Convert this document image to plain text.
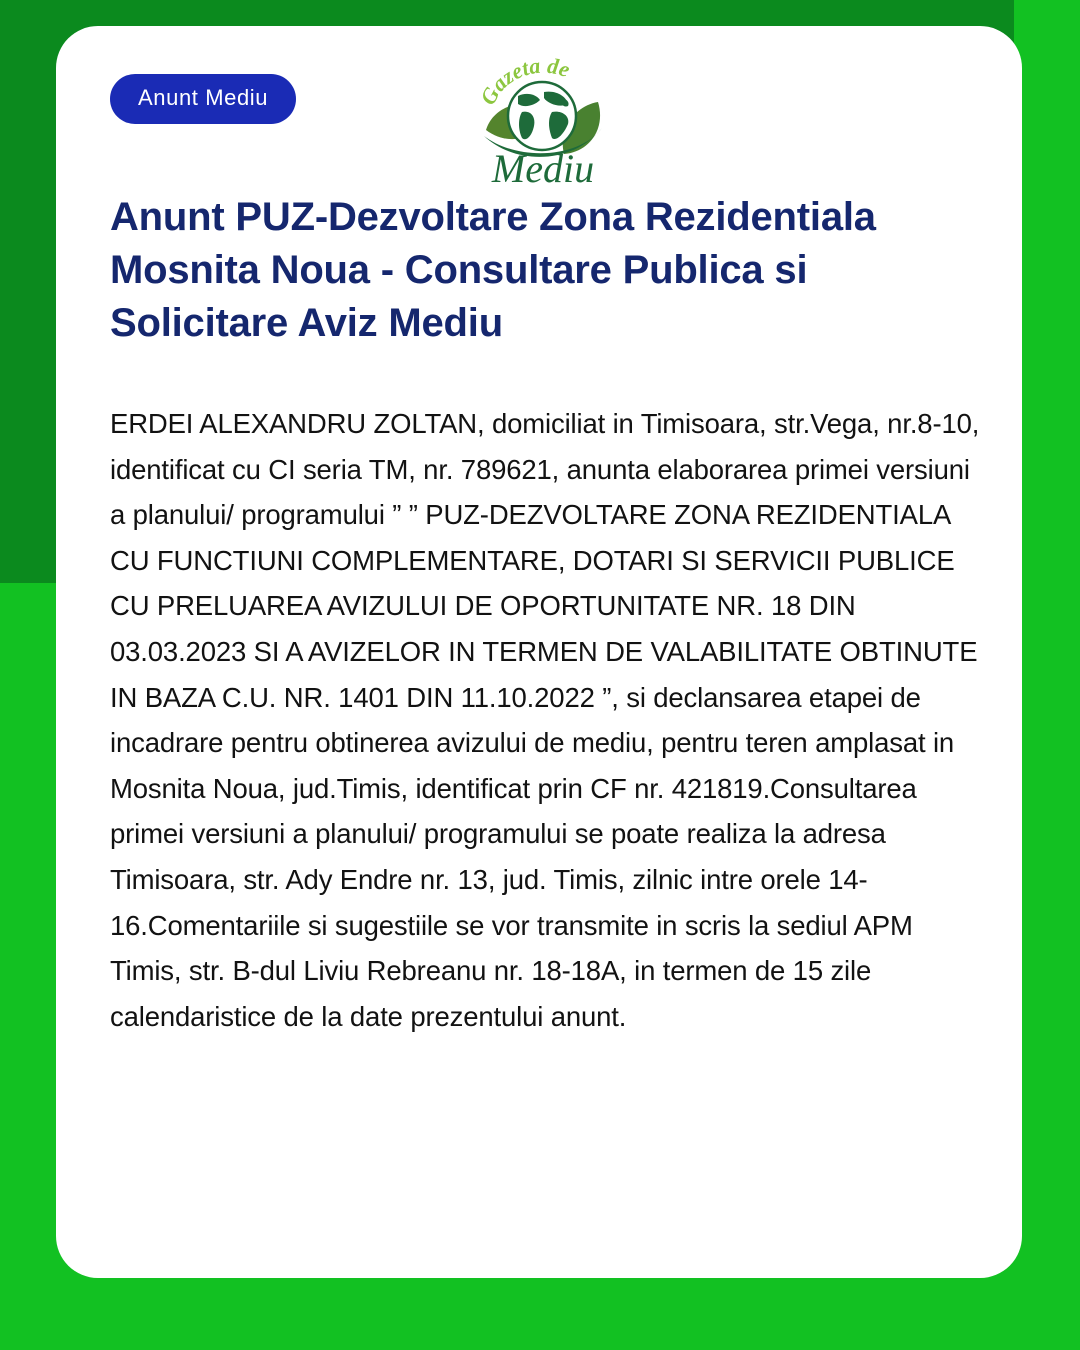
Anunt Mediu	Gazeta de
Mediu
Anunt PUZ-Dezvoltare Zona Rezidentiala Mosnita Noua - Consultare Publica si Solicitare Aviz Mediu
ERDEI ALEXANDRU ZOLTAN, domiciliat in Timisoara, str.Vega, nr.8-10, identificat cu CI seria TM, nr. 789621, anunta elaborarea primei versiuni a planului/ programului ” ” PUZ-DEZVOLTARE ZONA REZIDENTIALA CU FUNCTIUNI COMPLEMENTARE, DOTARI SI SERVICII PUBLICE CU PRELUAREA AVIZULUI DE OPORTUNITATE NR. 18 DIN 03.03.2023 SI A AVIZELOR IN TERMEN DE VALABILITATE OBTINUTE IN BAZA C.U. NR. 1401 DIN 11.10.2022 ”, si declansarea etapei de incadrare pentru obtinerea avizului de mediu, pentru teren amplasat in Mosnita Noua, jud.Timis, identificat prin CF nr. 421819.Consultarea primei versiuni a planului/ programului se poate realiza la adresa Timisoara, str. Ady Endre nr. 13, jud. Timis, zilnic intre orele 14-16.Comentariile si sugestiile se vor transmite in scris la sediul APM Timis, str. B-dul Liviu Rebreanu nr. 18-18A, in termen de 15 zile calendaristice de la date prezentului anunt.
